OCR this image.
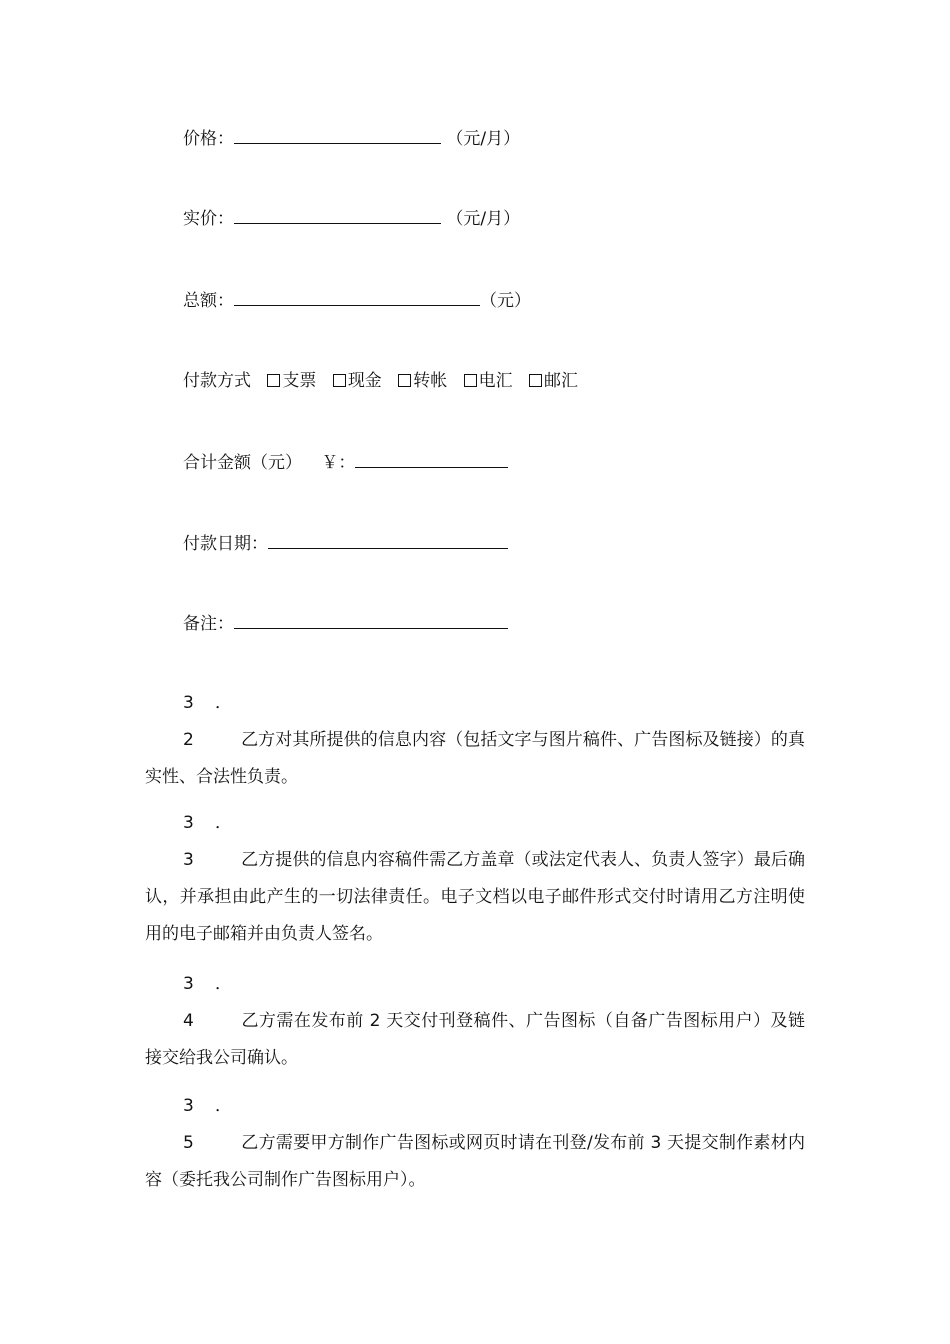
价格：	（元/月）
实价：	（元/月）
总额：	（元）
付款方式 支票 现金 转帐 电汇 邮汇
合计金额（元） ￥：
付款日期：
备注：
3．2 乙方对其所提供的信息内容（包括文字与图片稿件、广告图标及链接）的真实性、合法性负责。
3．3 乙方提供的信息内容稿件需乙方盖章（或法定代表人、负责人签字）最后确认，并承担由此产生的一切法律责任。电子文档以电子邮件形式交付时请用乙方注明使用的电子邮箱并由负责人签名。
3．4 乙方需在发布前 2 天交付刊登稿件、广告图标（自备广告图标用户）及链接交给我公司确认。
3．5 乙方需要甲方制作广告图标或网页时请在刊登/发布前 3 天提交制作素材内容（委托我公司制作广告图标用户）。
